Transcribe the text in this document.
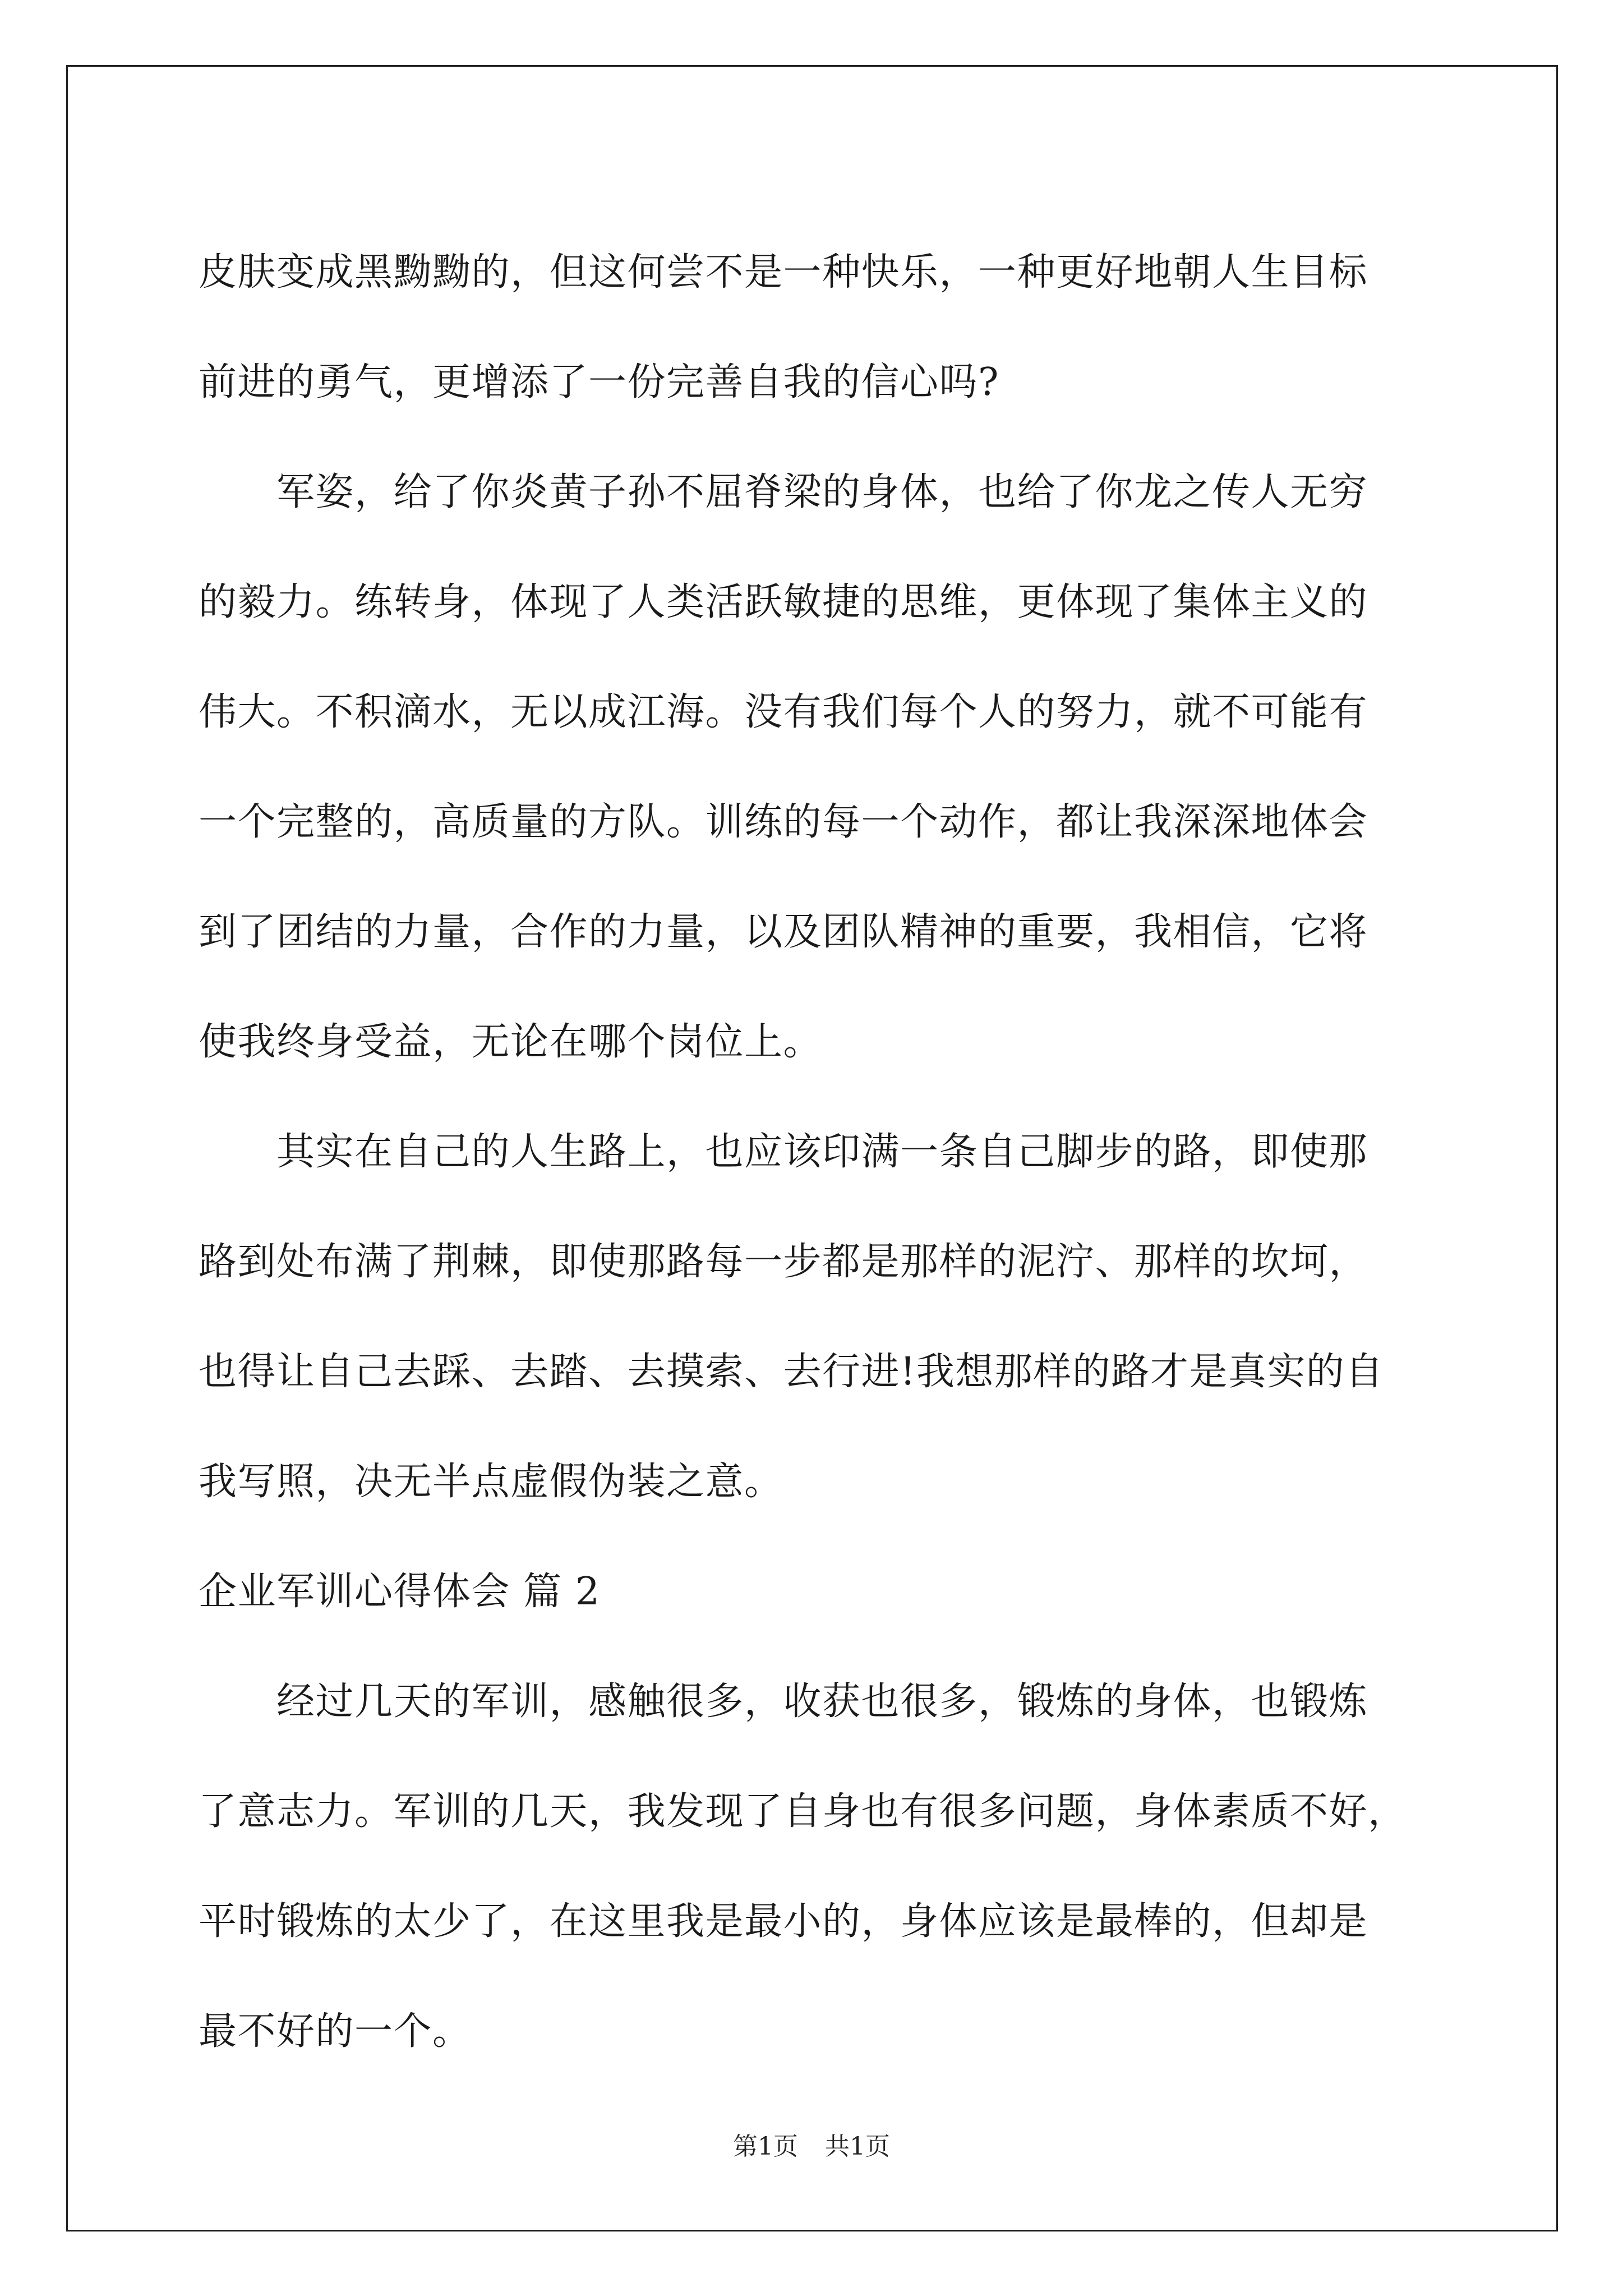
皮肤变成黑黝黝的，但这何尝不是一种快乐，一种更好地朝人生目标
前进的勇气，更增添了一份完善自我的信心吗?
　　军姿，给了你炎黄子孙不屈脊梁的身体，也给了你龙之传人无穷
的毅力。练转身，体现了人类活跃敏捷的思维，更体现了集体主义的
伟大。不积滴水，无以成江海。没有我们每个人的努力，就不可能有
一个完整的，高质量的方队。训练的每一个动作，都让我深深地体会
到了团结的力量，合作的力量，以及团队精神的重要，我相信，它将
使我终身受益，无论在哪个岗位上。
　　其实在自己的人生路上，也应该印满一条自己脚步的路，即使那
路到处布满了荆棘，即使那路每一步都是那样的泥泞、那样的坎坷，
也得让自己去踩、去踏、去摸索、去行进!我想那样的路才是真实的自
我写照，决无半点虚假伪装之意。
企业军训心得体会 篇 2
　　经过几天的军训，感触很多，收获也很多，锻炼的身体，也锻炼
了意志力。军训的几天，我发现了自身也有很多问题，身体素质不好，
平时锻炼的太少了，在这里我是最小的，身体应该是最棒的，但却是
最不好的一个。
第1页 共1页
